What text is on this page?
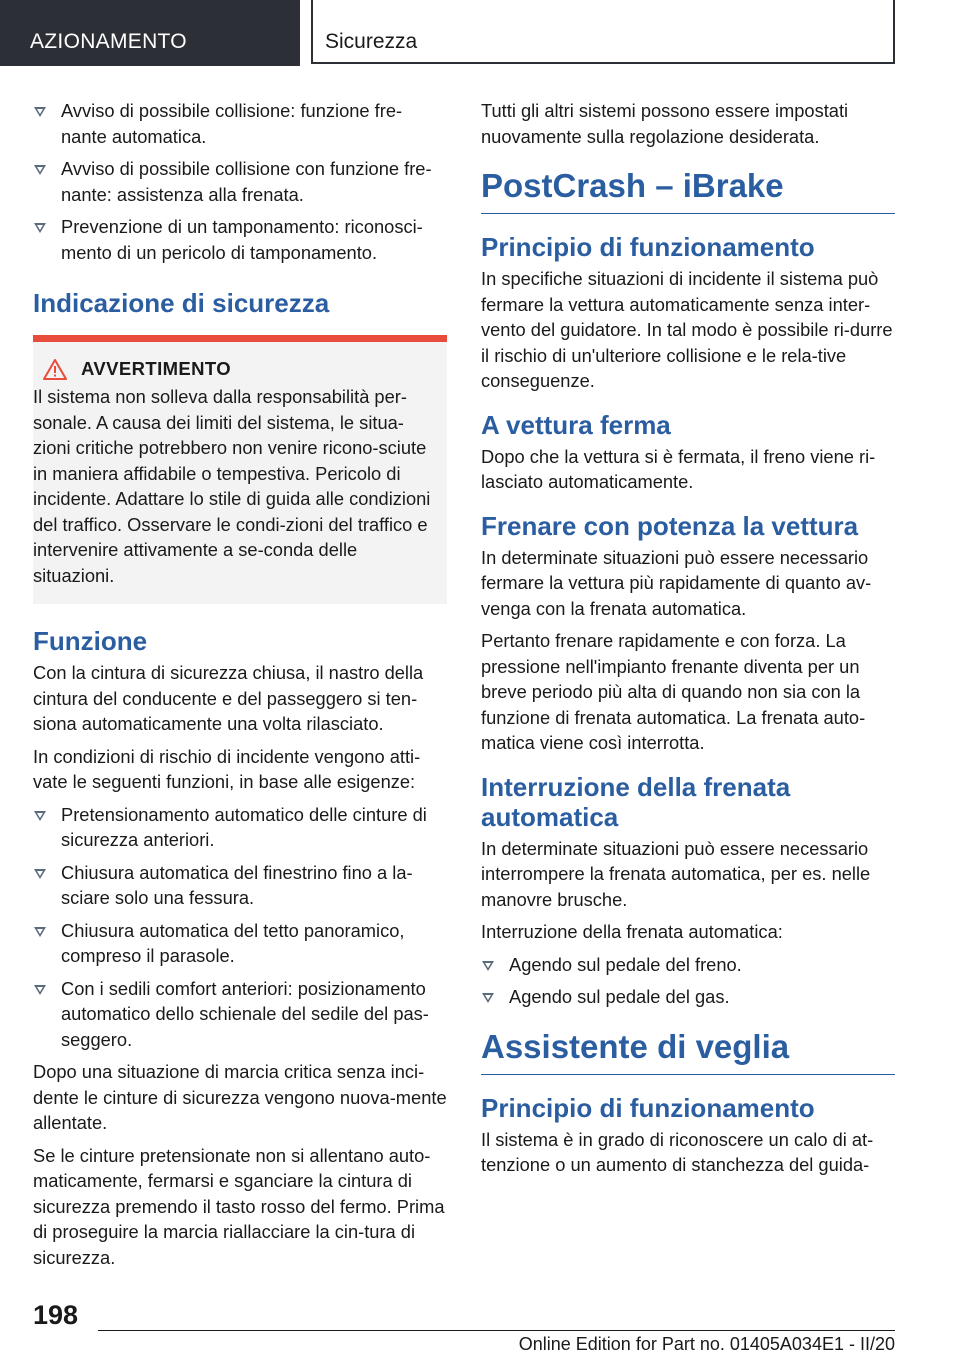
AZIONAMENTO	Sicurezza
Avviso di possibile collisione: funzione fre‐nante automatica.
Avviso di possibile collisione con funzione fre‐nante: assistenza alla frenata.
Prevenzione di un tamponamento: riconosci‐mento di un pericolo di tamponamento.
Indicazione di sicurezza
AVVERTIMENTO

Il sistema non solleva dalla responsabilità per‐sonale. A causa dei limiti del sistema, le situa‐zioni critiche potrebbero non venire ricono‐sciute in maniera affidabile o tempestiva. Pericolo di incidente. Adattare lo stile di guida alle condizioni del traffico. Osservare le condi‐zioni del traffico e intervenire attivamente a se‐conda delle situazioni.

Funzione

Con la cintura di sicurezza chiusa, il nastro della cintura del conducente e del passeggero si ten‐siona automaticamente una volta rilasciato.

In condizioni di rischio di incidente vengono atti‐vate le seguenti funzioni, in base alle esigenze:

Pretensionamento automatico delle cinture di sicurezza anteriori.
Chiusura automatica del finestrino fino a la‐sciare solo una fessura.
Chiusura automatica del tetto panoramico, compreso il parasole.
Con i sedili comfort anteriori: posizionamento automatico dello schienale del sedile del pas‐seggero.

Dopo una situazione di marcia critica senza inci‐dente le cinture di sicurezza vengono nuova‐mente allentate.

Se le cinture pretensionate non si allentano auto‐maticamente, fermarsi e sganciare la cintura di sicurezza premendo il tasto rosso del fermo. Prima di proseguire la marcia riallacciare la cin‐tura di sicurezza.

Tutti gli altri sistemi possono essere impostati nuovamente sulla regolazione desiderata.

PostCrash – iBrake
Principio di funzionamento

In specifiche situazioni di incidente il sistema può fermare la vettura automaticamente senza inter‐vento del guidatore. In tal modo è possibile ri‐durre il rischio di un'ulteriore collisione e le rela‐tive conseguenze.

A vettura ferma

Dopo che la vettura si è fermata, il freno viene ri‐lasciato automaticamente.

Frenare con potenza la vettura

In determinate situazioni può essere necessario fermare la vettura più rapidamente di quanto av‐venga con la frenata automatica.

Pertanto frenare rapidamente e con forza. La pressione nell'impianto frenante diventa per un breve periodo più alta di quando non sia con la funzione di frenata automatica. La frenata auto‐matica viene così interrotta.

Interruzione della frenata automatica

In determinate situazioni può essere necessario interrompere la frenata automatica, per es. nelle manovre brusche.

Interruzione della frenata automatica:

Agendo sul pedale del freno.
Agendo sul pedale del gas.
Assistente di veglia
Principio di funzionamento

Il sistema è in grado di riconoscere un calo di at‐tenzione o un aumento di stanchezza del guida‐

198
Online Edition for Part no. 01405A034E1 - II/20
